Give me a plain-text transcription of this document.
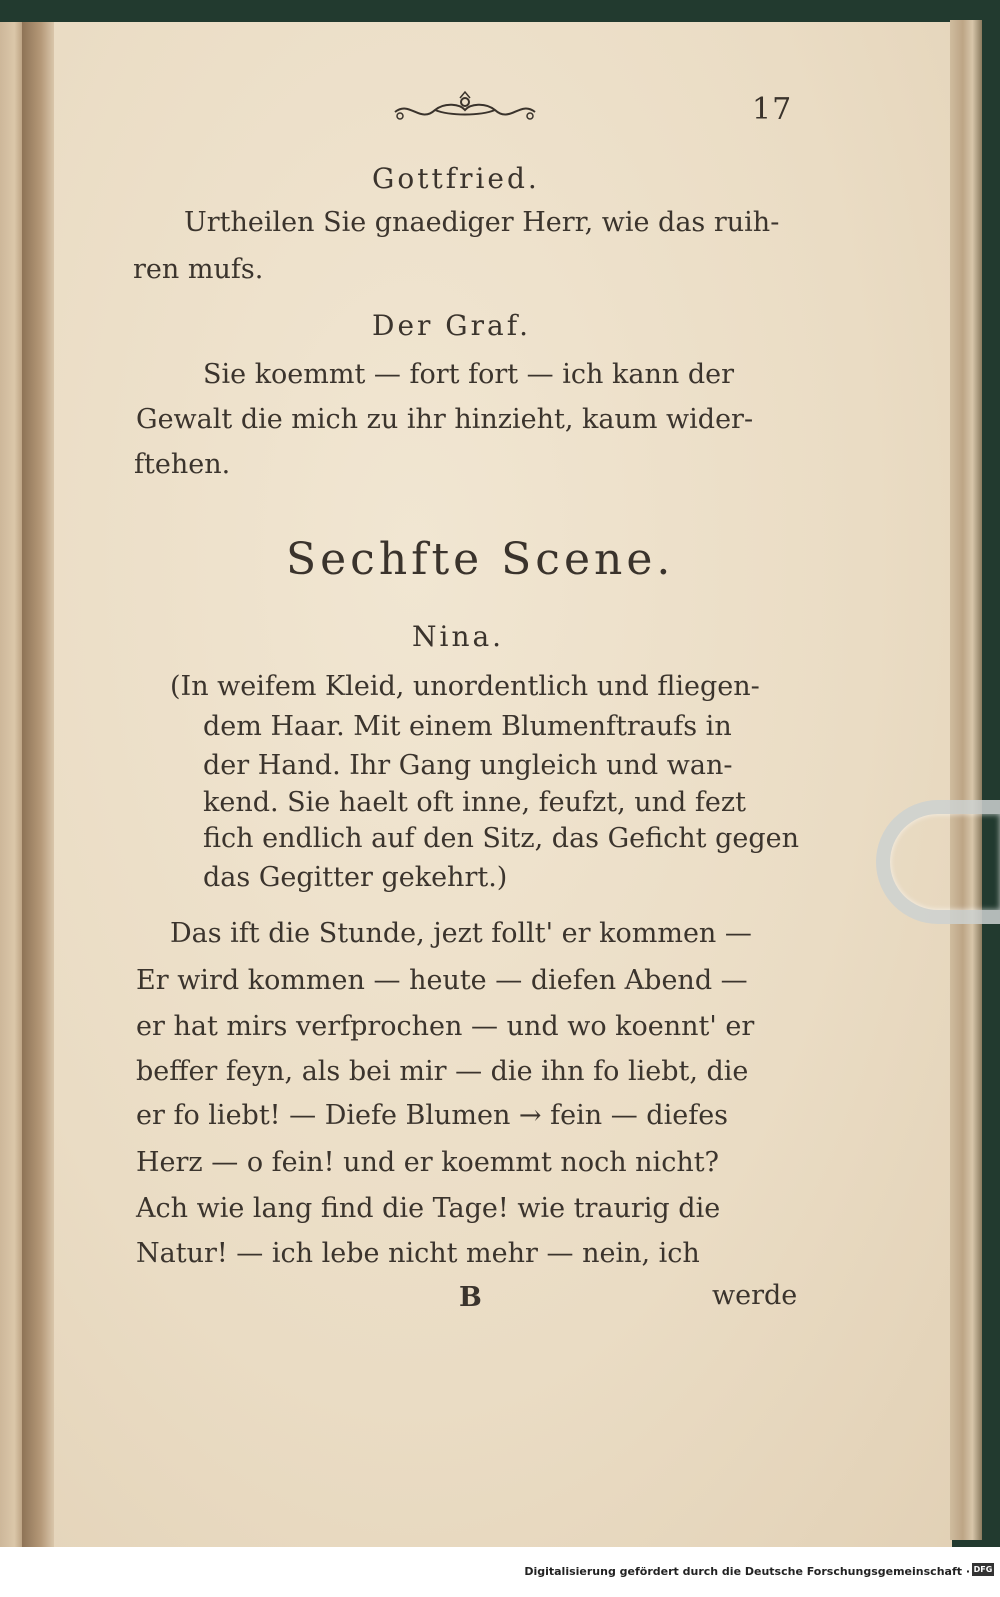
17
Gottfried.
Urtheilen Sie gnaediger Herr, wie das ruih-
ren mufs.
Der Graf.
Sie koemmt — fort fort — ich kann der
Gewalt die mich zu ihr hinzieht, kaum wider-
ftehen.
Sechfte Scene.
Nina.
(In weifem Kleid, unordentlich und fliegen-
dem Haar. Mit einem Blumenftraufs in
der Hand. Ihr Gang ungleich und wan-
kend. Sie haelt oft inne, feufzt, und fezt
fich endlich auf den Sitz, das Geficht gegen
das Gegitter gekehrt.)
Das ift die Stunde, jezt follt' er kommen —
Er wird kommen — heute — diefen Abend —
er hat mirs verfprochen — und wo koennt' er
beffer feyn, als bei mir — die ihn fo liebt, die
er fo liebt! — Diefe Blumen → fein — diefes
Herz — o fein! und er koemmt noch nicht?
Ach wie lang find die Tage! wie traurig die
Natur! — ich lebe nicht mehr — nein, ich
B	werde
Digitalisierung gefördert durch die Deutsche Forschungsgemeinschaft · DFG
